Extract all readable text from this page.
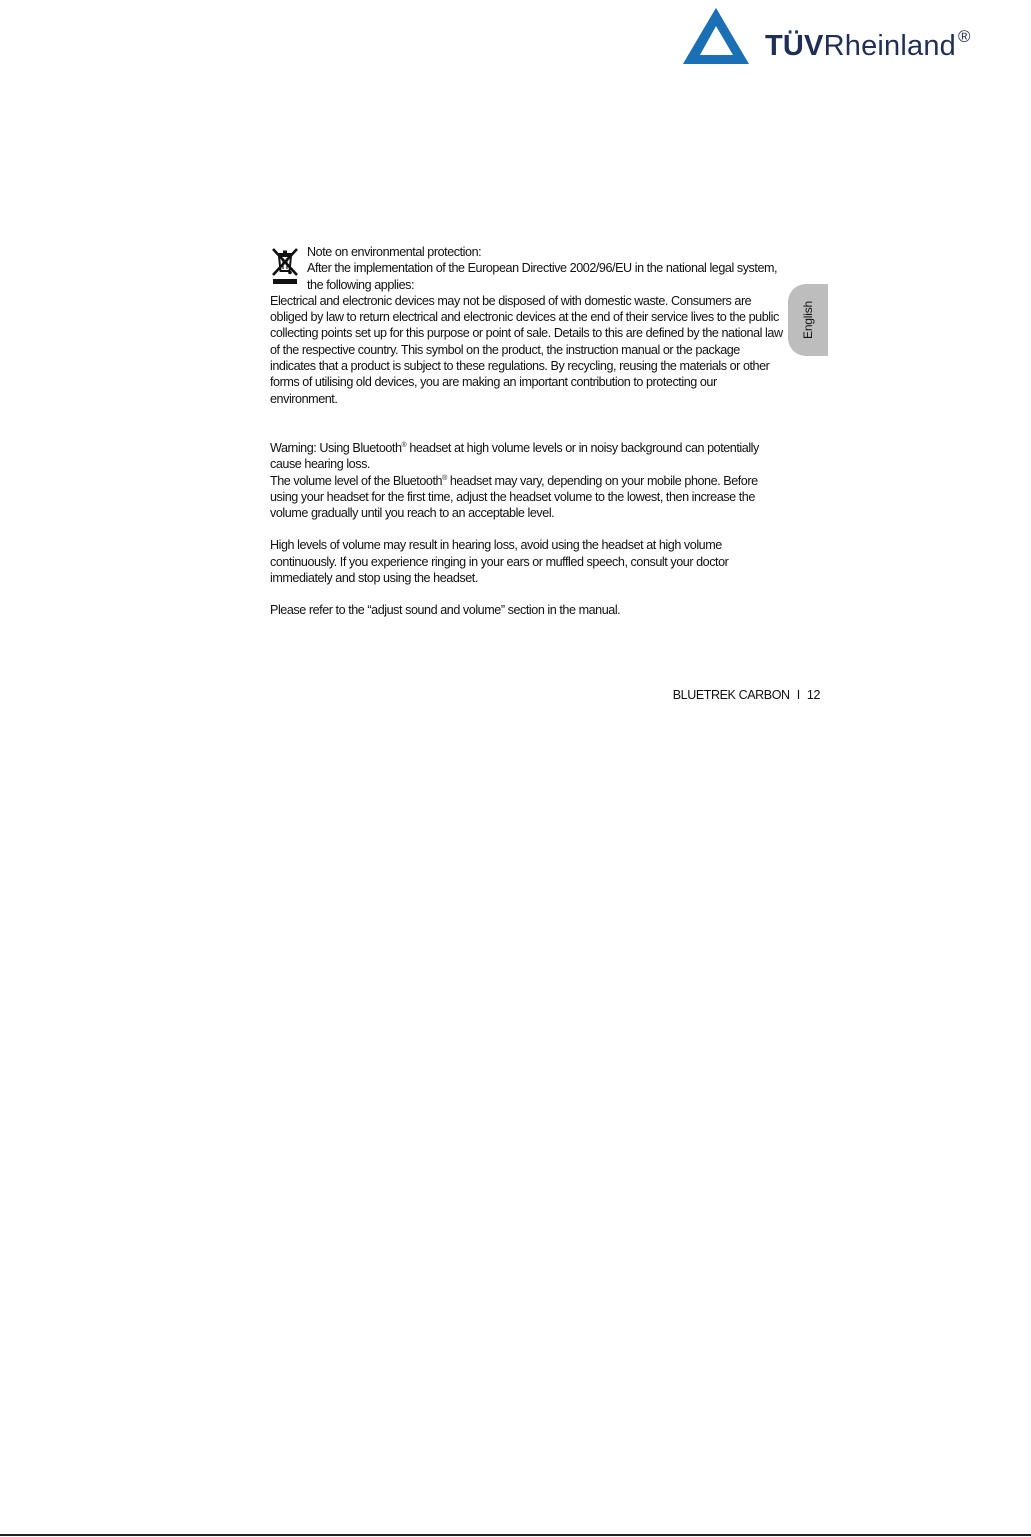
TÜVRheinland ®
English

Note on environmental protection:

After the implementation of the European Directive 2002/96/EU in the national legal system, the following applies:

Electrical and electronic devices may not be disposed of with domestic waste. Consumers are obliged by law to return electrical and electronic devices at the end of their service lives to the public collecting points set up for this purpose or point of sale. Details to this are defined by the national law of the respective country. This symbol on the product, the instruction manual or the package indicates that a product is subject to these regulations. By recycling, reusing the materials or other forms of utilising old devices, you are making an important contribution to protecting our environment.

Warning: Using Bluetooth® headset at high volume levels or in noisy background can potentially cause hearing loss.

The volume level of the Bluetooth® headset may vary, depending on your mobile phone. Before using your headset for the first time, adjust the headset volume to the lowest, then increase the volume gradually until you reach to an acceptable level.

High levels of volume may result in hearing loss, avoid using the headset at high volume continuously. If you experience ringing in your ears or muffled speech, consult your doctor immediately and stop using the headset.

Please refer to the “adjust sound and volume” section in the manual.

BLUETREK CARBON I 12
